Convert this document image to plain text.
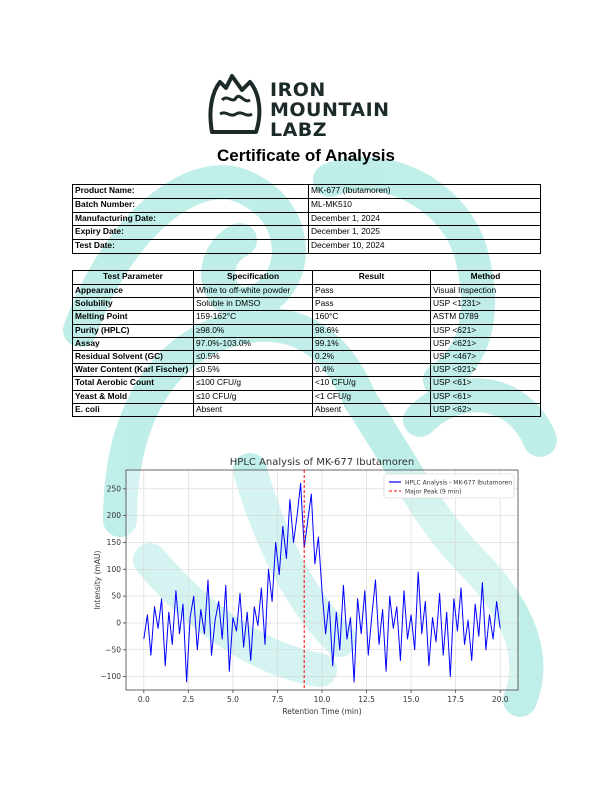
IRON
MOUNTAIN
LABZ
Certificate of Analysis
Product Name:	MK-677 (Ibutamoren)
Batch Number:	ML-MK510
Manufacturing Date:	December 1, 2024
Expiry Date:	December 1, 2025
Test Date:	December 10, 2024
Test Parameter	Specification	Result	Method
Appearance	White to off-white powder	Pass	Visual Inspection
Solubility	Soluble in DMSO	Pass	USP <1231>
Melting Point	159-162°C	160°C	ASTM D789
Purity (HPLC)	≥98.0%	98.6%	USP <621>
Assay	97.0%-103.0%	99.1%	USP <621>
Residual Solvent (GC)	≤0.5%	0.2%	USP <467>
Water Content (Karl Fischer)	≤0.5%	0.4%	USP <921>
Total Aerobic Count	≤100 CFU/g	<10 CFU/g	USP <61>
Yeast & Mold	≤10 CFU/g	<1 CFU/g	USP <61>
E. coli	Absent	Absent	USP <62>
0.0	2.5	5.0	7.5	10.0	12.5	15.0	17.5	20.0
−100
−50
0
50
100
150
200
250
HPLC Analysis of MK-677 Ibutamoren
Retention Time (min)
Intensity (mAU)
HPLC Analysis - MK-677 Ibutamoren
Major Peak (9 min)
